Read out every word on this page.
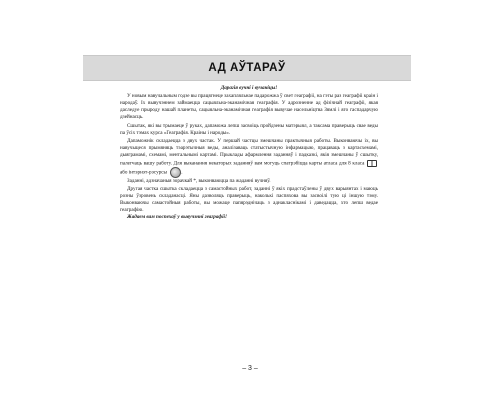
АД АЎТАРАЎ

Дарагія вучні і вучаніцы!

У новым навучальным годзе вы працягнеце захапляльнае падарожжа ў свет геаграфіі, на гэты раз геаграфіі краін і народаў. Іх вывучэннем займаецца сацыяльна-эканамічная геаграфія. У адрозненне ад фізічнай геаграфіі, якая даследуе прыроду нашай планеты, сацыяльна-эканамічная геаграфія вывучае насельніцтва Зямлі і яго гаспадарчую дзейнасць.

Сшытак, які вы трымаеце ў руках, дапаможа лепш засвоіць пройдзены матэрыял, а таксама праверыць свае веды па ўсіх тэмах курса «Геаграфія. Краіны і народы».

Дапаможнік складаецца з двух частак. У першай частцы змешчаны практычныя работы. Выконваючы іх, вы навучыцеся прымяняць тэарэтычныя веды, аналізаваць статыстычную інфармацыю, працаваць з картасхемамі, дыяграмамі, схемамі, ментальнымі картамі. Прыклады афармлення заданняў і падказкі, якія змешчаны ў сшытку, палегчаць вашу работу. Для выканання некаторых заданняў вам могуць спатрэбіцца карты атласа для 8 класа  або інтэрнэт-рэсурсы	.

Заданні, адзначаныя зорачкай *, выконваюцца па жаданні вучняў.

Другая частка сшытка складаецца з самастойных работ, заданні ў якіх прадстаўлены ў двух варыянтах і маюць розны ўзровень складанасці. Яны дазволяць праверыць, наколькі паспяхова вы засвоілі тую ці іншую тэму. Выконваючы самастойныя работы, вы можаце папярэднічаць з аднакласнікамі і даведацца, хто лепш ведае геаграфію.

Жадаем вам поспехаў у вывучэнні геаграфіі!

– 3 –
